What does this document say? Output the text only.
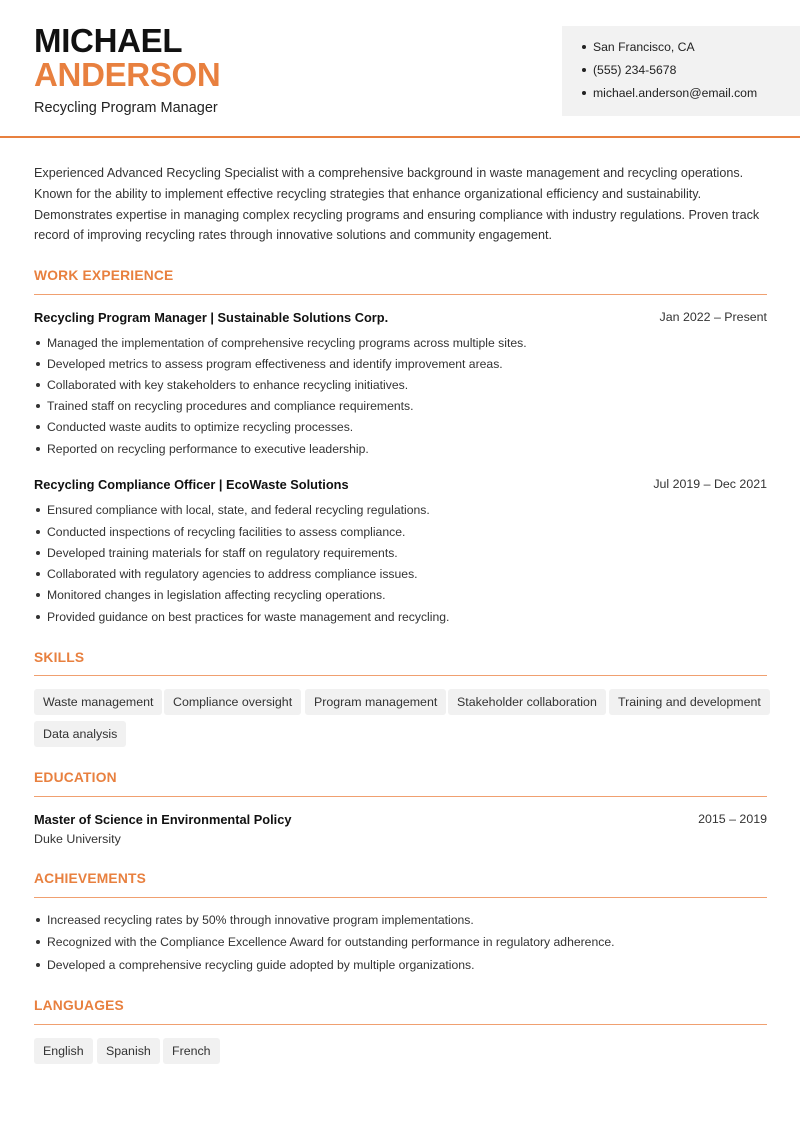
MICHAEL
ANDERSON
Recycling Program Manager
San Francisco, CA
(555) 234-5678
michael.anderson@email.com
Experienced Advanced Recycling Specialist with a comprehensive background in waste management and recycling operations. Known for the ability to implement effective recycling strategies that enhance organizational efficiency and sustainability. Demonstrates expertise in managing complex recycling programs and ensuring compliance with industry regulations. Proven track record of improving recycling rates through innovative solutions and community engagement.
WORK EXPERIENCE
Recycling Program Manager | Sustainable Solutions Corp.	Jan 2022 – Present
Managed the implementation of comprehensive recycling programs across multiple sites.
Developed metrics to assess program effectiveness and identify improvement areas.
Collaborated with key stakeholders to enhance recycling initiatives.
Trained staff on recycling procedures and compliance requirements.
Conducted waste audits to optimize recycling processes.
Reported on recycling performance to executive leadership.
Recycling Compliance Officer | EcoWaste Solutions	Jul 2019 – Dec 2021
Ensured compliance with local, state, and federal recycling regulations.
Conducted inspections of recycling facilities to assess compliance.
Developed training materials for staff on regulatory requirements.
Collaborated with regulatory agencies to address compliance issues.
Monitored changes in legislation affecting recycling operations.
Provided guidance on best practices for waste management and recycling.
SKILLS
Waste management	Compliance oversight	Program management	Stakeholder collaboration	Training and development
Data analysis
EDUCATION
Master of Science in Environmental Policy	2015 – 2019
Duke University
ACHIEVEMENTS
Increased recycling rates by 50% through innovative program implementations.
Recognized with the Compliance Excellence Award for outstanding performance in regulatory adherence.
Developed a comprehensive recycling guide adopted by multiple organizations.
LANGUAGES
English	Spanish	French
